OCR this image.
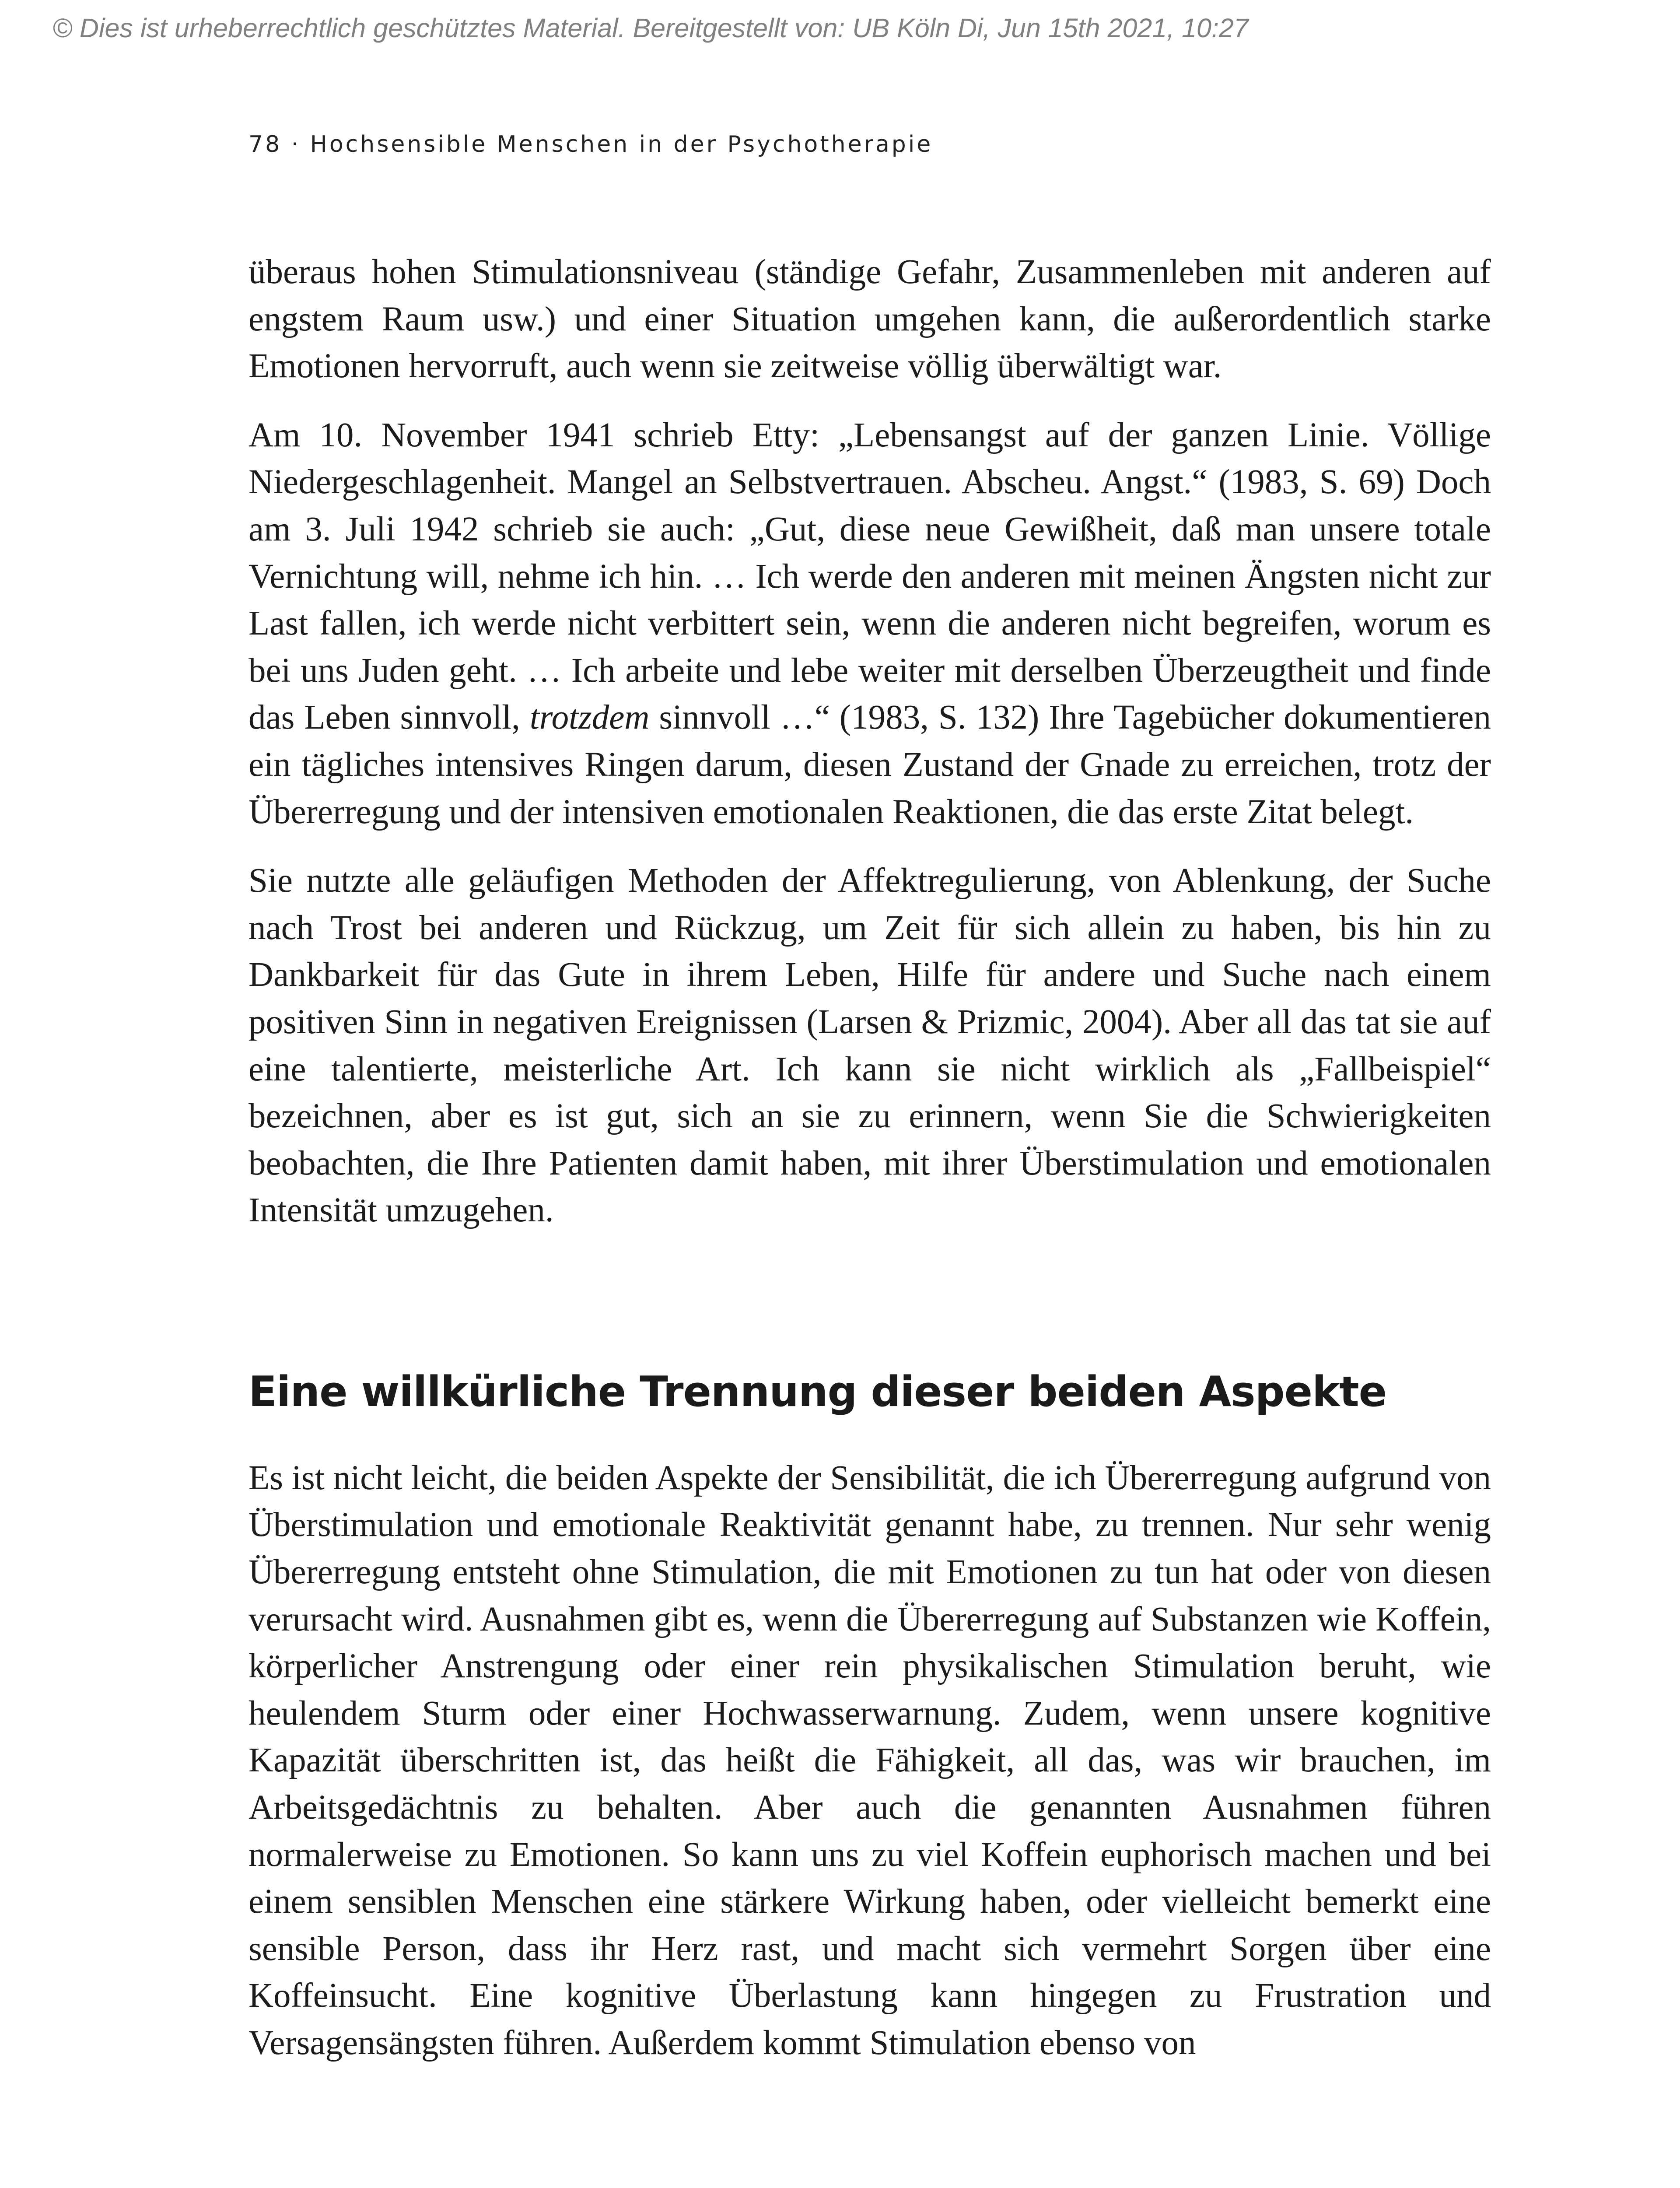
© Dies ist urheberrechtlich geschütztes Material. Bereitgestellt von: UB Köln Di, Jun 15th 2021, 10:27
78 · Hochsensible Menschen in der Psychotherapie

überaus hohen Stimulationsniveau (ständige Gefahr, Zusammenleben mit anderen auf engstem Raum usw.) und einer Situation umgehen kann, die außerordentlich starke Emotionen hervorruft, auch wenn sie zeitweise völlig überwältigt war.

Am 10. November 1941 schrieb Etty: „Lebensangst auf der ganzen Linie. Völlige Niedergeschlagenheit. Mangel an Selbstvertrauen. Abscheu. Angst.“ (1983, S. 69) Doch am 3. Juli 1942 schrieb sie auch: „Gut, diese neue Gewißheit, daß man unsere totale Vernichtung will, nehme ich hin. … Ich werde den anderen mit meinen Ängsten nicht zur Last fallen, ich werde nicht verbittert sein, wenn die anderen nicht begreifen, worum es bei uns Juden geht. … Ich arbeite und lebe weiter mit derselben Überzeugtheit und finde das Leben sinnvoll, trotzdem sinnvoll …“ (1983, S. 132) Ihre Tagebücher dokumentieren ein tägliches intensives Ringen darum, diesen Zustand der Gnade zu erreichen, trotz der Übererregung und der intensiven emotionalen Reaktionen, die das erste Zitat belegt.

Sie nutzte alle geläufigen Methoden der Affektregulierung, von Ablenkung, der Suche nach Trost bei anderen und Rückzug, um Zeit für sich allein zu haben, bis hin zu Dankbarkeit für das Gute in ihrem Leben, Hilfe für andere und Suche nach einem positiven Sinn in negativen Ereignissen (Larsen & Prizmic, 2004). Aber all das tat sie auf eine talentierte, meisterliche Art. Ich kann sie nicht wirklich als „Fallbeispiel“ bezeichnen, aber es ist gut, sich an sie zu erinnern, wenn Sie die Schwierigkeiten beobachten, die Ihre Patienten damit haben, mit ihrer Überstimulation und emotionalen Intensität umzugehen.

Eine willkürliche Trennung dieser beiden Aspekte

Es ist nicht leicht, die beiden Aspekte der Sensibilität, die ich Übererregung aufgrund von Überstimulation und emotionale Reaktivität genannt habe, zu trennen. Nur sehr wenig Übererregung entsteht ohne Stimulation, die mit Emotionen zu tun hat oder von diesen verursacht wird. Ausnahmen gibt es, wenn die Übererregung auf Substanzen wie Koffein, körperlicher Anstrengung oder einer rein physikalischen Stimulation beruht, wie heulendem Sturm oder einer Hochwasserwarnung. Zudem, wenn unsere kognitive Kapazität überschritten ist, das heißt die Fähigkeit, all das, was wir brauchen, im Arbeitsgedächtnis zu behalten. Aber auch die genannten Ausnahmen führen normalerweise zu Emotionen. So kann uns zu viel Koffein euphorisch machen und bei einem sensiblen Menschen eine stärkere Wirkung haben, oder vielleicht bemerkt eine sensible Person, dass ihr Herz rast, und macht sich vermehrt Sorgen über eine Koffeinsucht. Eine kognitive Überlastung kann hingegen zu Frustration und Versagensängsten führen. Außerdem kommt Stimulation ebenso von
